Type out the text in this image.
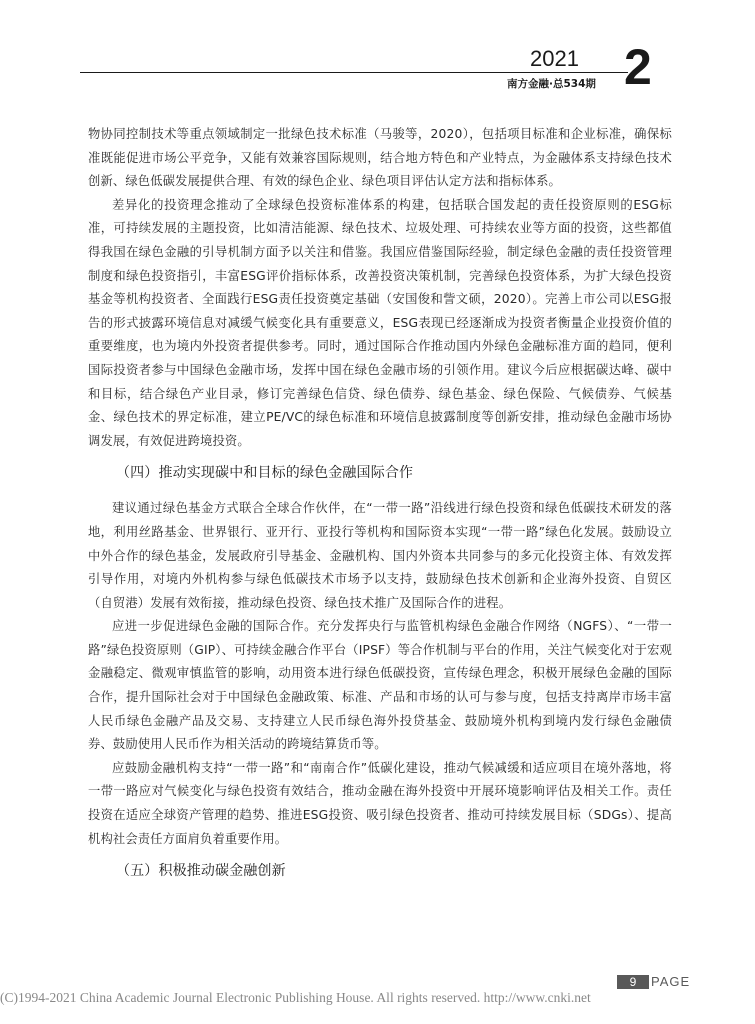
2021
南方金融·总534期 2

物协同控制技术等重点领域制定一批绿色技术标准（马骏等，2020），包括项目标准和企业标准，确保标准既能促进市场公平竞争，又能有效兼容国际规则，结合地方特色和产业特点，为金融体系支持绿色技术创新、绿色低碳发展提供合理、有效的绿色企业、绿色项目评估认定方法和指标体系。

差异化的投资理念推动了全球绿色投资标准体系的构建，包括联合国发起的责任投资原则的ESG标准，可持续发展的主题投资，比如清洁能源、绿色技术、垃圾处理、可持续农业等方面的投资，这些都值得我国在绿色金融的引导机制方面予以关注和借鉴。我国应借鉴国际经验，制定绿色金融的责任投资管理制度和绿色投资指引，丰富ESG评价指标体系，改善投资决策机制，完善绿色投资体系，为扩大绿色投资基金等机构投资者、全面践行ESG责任投资奠定基础（安国俊和訾文硕，2020）。完善上市公司以ESG报告的形式披露环境信息对减缓气候变化具有重要意义，ESG表现已经逐渐成为投资者衡量企业投资价值的重要维度，也为境内外投资者提供参考。同时，通过国际合作推动国内外绿色金融标准方面的趋同，便利国际投资者参与中国绿色金融市场，发挥中国在绿色金融市场的引领作用。建议今后应根据碳达峰、碳中和目标，结合绿色产业目录，修订完善绿色信贷、绿色债券、绿色基金、绿色保险、气候债券、气候基金、绿色技术的界定标准，建立PE/VC的绿色标准和环境信息披露制度等创新安排，推动绿色金融市场协调发展，有效促进跨境投资。

（四）推动实现碳中和目标的绿色金融国际合作

建议通过绿色基金方式联合全球合作伙伴，在“一带一路”沿线进行绿色投资和绿色低碳技术研发的落地，利用丝路基金、世界银行、亚开行、亚投行等机构和国际资本实现“一带一路”绿色化发展。鼓励设立中外合作的绿色基金，发展政府引导基金、金融机构、国内外资本共同参与的多元化投资主体、有效发挥引导作用，对境内外机构参与绿色低碳技术市场予以支持，鼓励绿色技术创新和企业海外投资、自贸区（自贸港）发展有效衔接，推动绿色投资、绿色技术推广及国际合作的进程。

应进一步促进绿色金融的国际合作。充分发挥央行与监管机构绿色金融合作网络（NGFS）、“一带一路”绿色投资原则（GIP）、可持续金融合作平台（IPSF）等合作机制与平台的作用，关注气候变化对于宏观金融稳定、微观审慎监管的影响，动用资本进行绿色低碳投资，宣传绿色理念，积极开展绿色金融的国际合作，提升国际社会对于中国绿色金融政策、标准、产品和市场的认可与参与度，包括支持离岸市场丰富人民币绿色金融产品及交易、支持建立人民币绿色海外投贷基金、鼓励境外机构到境内发行绿色金融债券、鼓励使用人民币作为相关活动的跨境结算货币等。

应鼓励金融机构支持“一带一路”和“南南合作”低碳化建设，推动气候减缓和适应项目在境外落地，将一带一路应对气候变化与绿色投资有效结合，推动金融在海外投资中开展环境影响评估及相关工作。责任投资在适应全球资产管理的趋势、推进ESG投资、吸引绿色投资者、推动可持续发展目标（SDGs）、提高机构社会责任方面肩负着重要作用。

（五）积极推动碳金融创新
9	PAGE
(C)1994-2021 China Academic Journal Electronic Publishing House. All rights reserved. http://www.cnki.net
